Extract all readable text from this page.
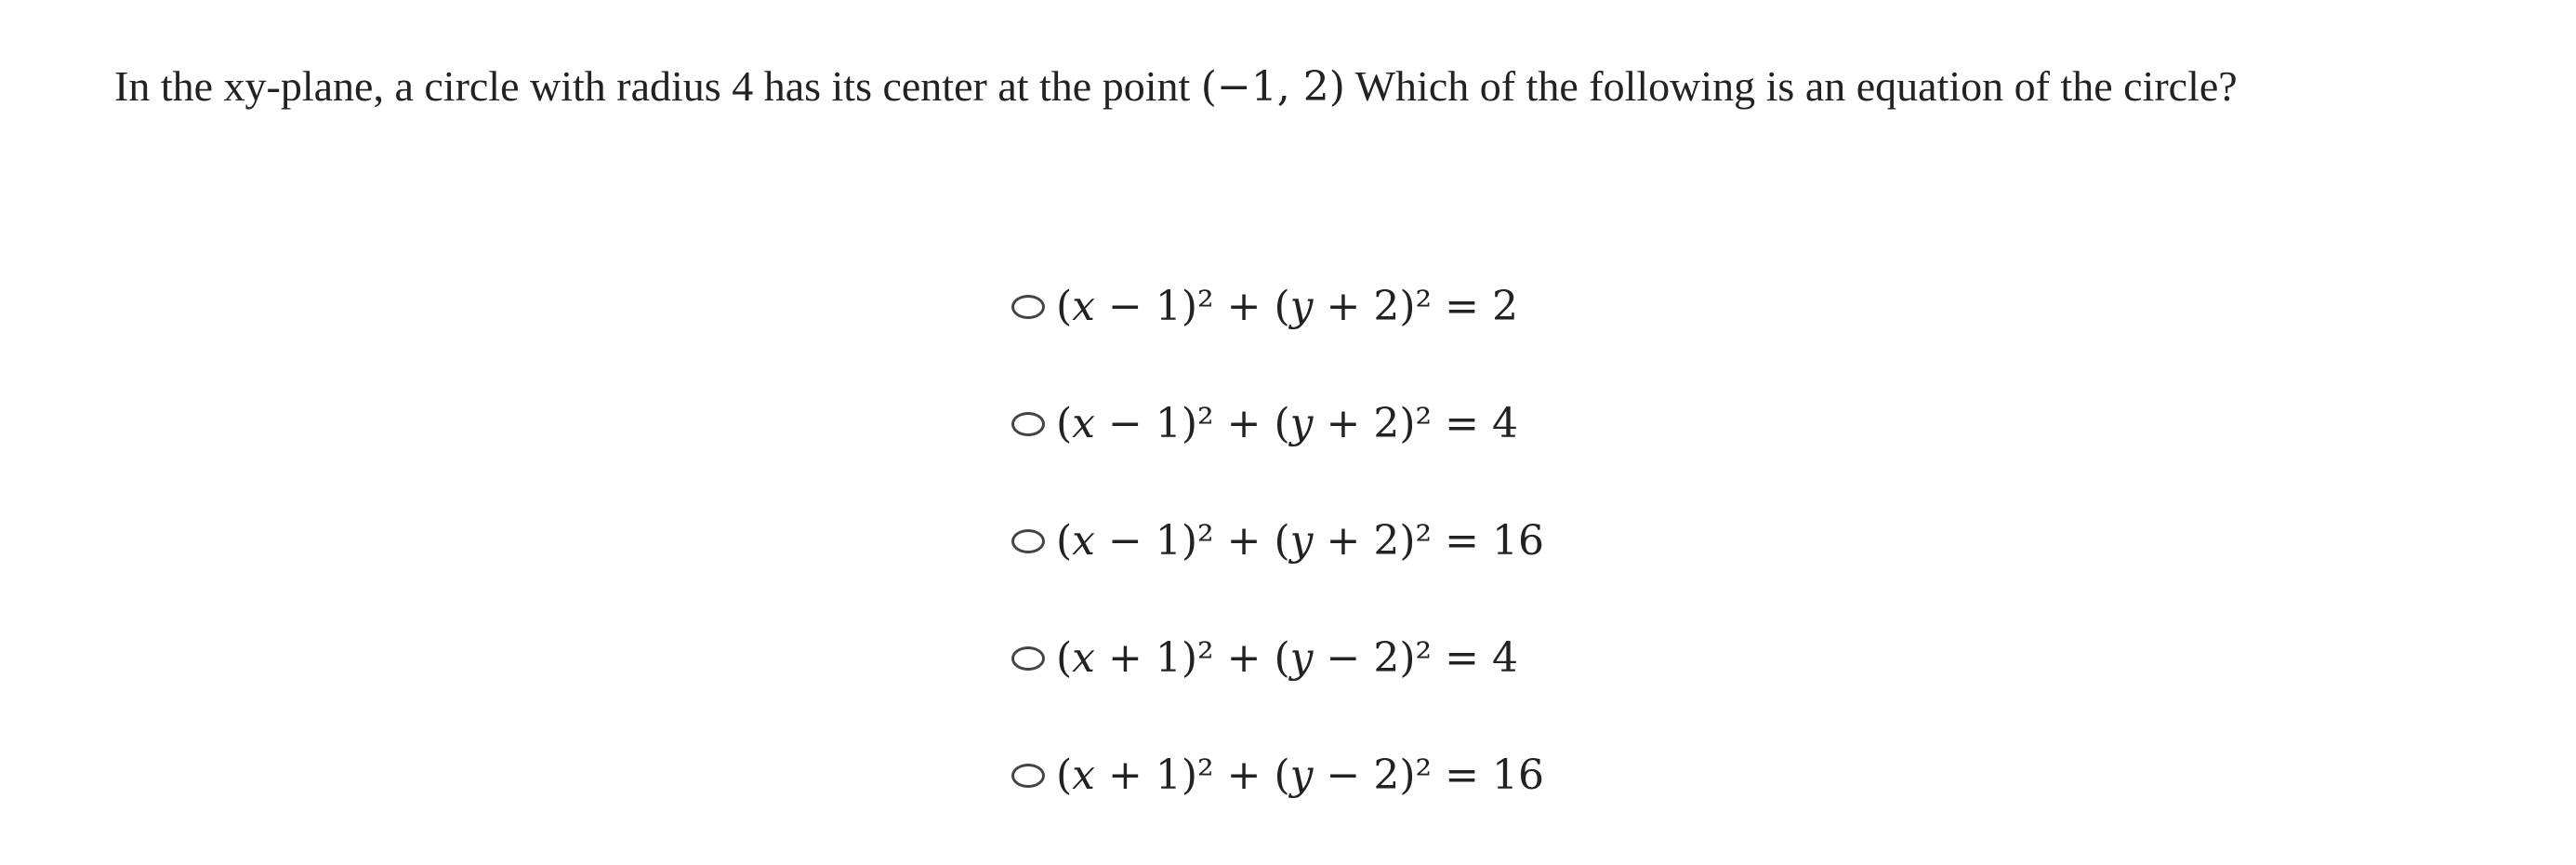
In the xy-plane, a circle with radius 4 has its center at the point (−1, 2) Which of the following is an equation of the circle?
(𝑥 − 1)² + (𝑦 + 2)² = 2
(𝑥 − 1)² + (𝑦 + 2)² = 4
(𝑥 − 1)² + (𝑦 + 2)² = 16
(𝑥 + 1)² + (𝑦 − 2)² = 4
(𝑥 + 1)² + (𝑦 − 2)² = 16
